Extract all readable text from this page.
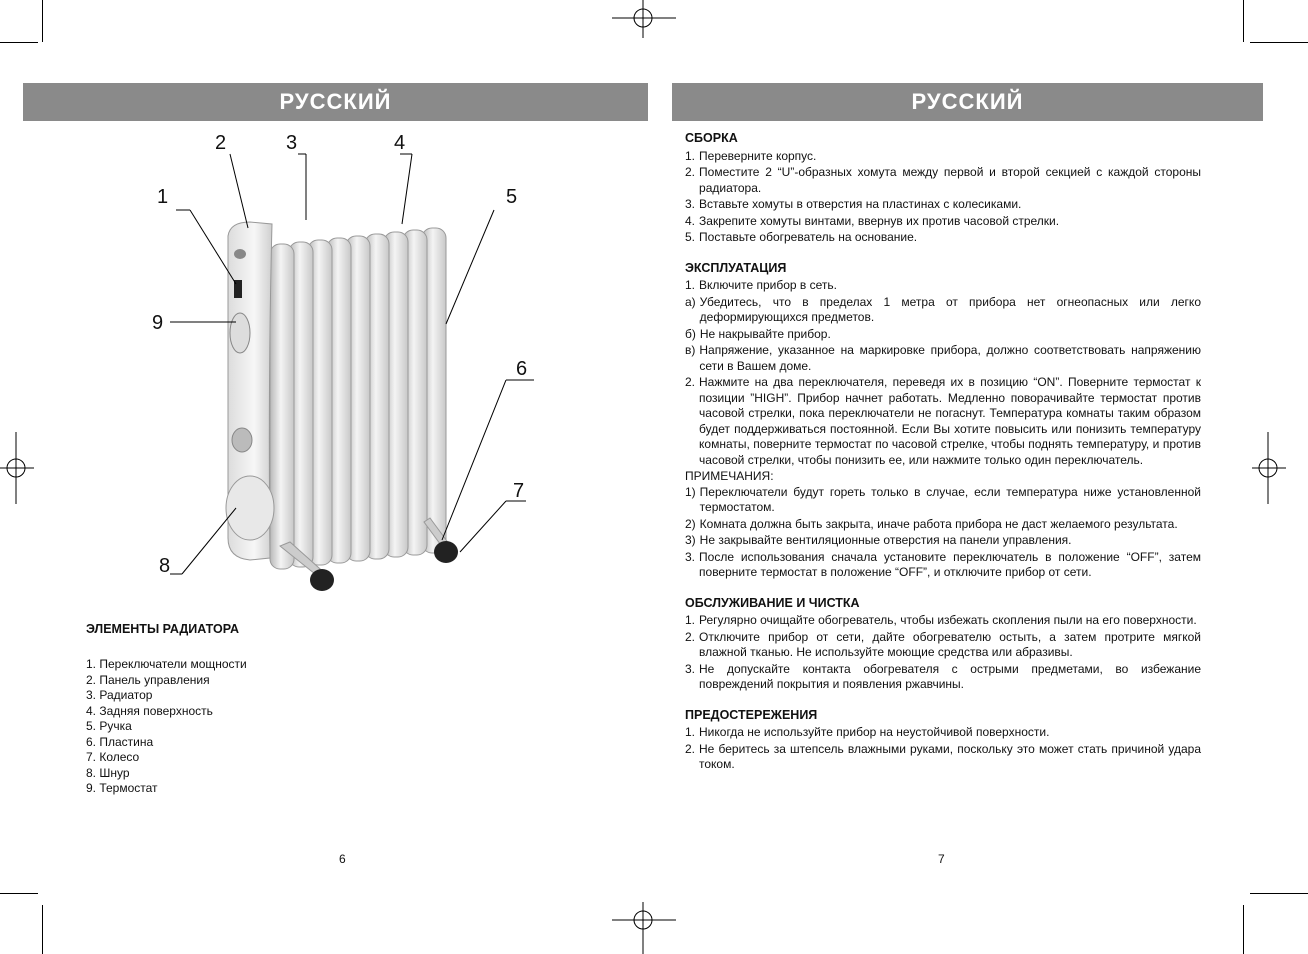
РУССКИЙ	РУССКИЙ
1
2	3	4
5
6
7
8
9
ЭЛЕМЕНТЫ РАДИАТОРА
1. Переключатели мощности
2. Панель управления
3. Радиатор
4. Задняя поверхность
5. Ручка
6. Пластина
7. Колесо
8. Шнур
9. Термостат
6
СБОРКА
1. Переверните корпус.
2. Поместите 2 “U”-образных хомута между первой и второй секцией с каждой стороны радиатора.
3. Вставьте хомуты в отверстия на пластинах с колесиками.
4. Закрепите хомуты винтами, ввернув их против часовой стрелки.
5. Поставьте обогреватель на основание.
ЭКСПЛУАТАЦИЯ
1. Включите прибор в сеть.
а) Убедитесь, что в пределах 1 метра от прибора нет огнеопасных или легко деформирующихся предметов.
б) Не накрывайте прибор.
в) Напряжение, указанное на маркировке прибора, должно соответствовать напряжению сети в Вашем доме.
2. Нажмите на два переключателя, переведя их в позицию “ON”. Поверните термостат к позиции ”HIGH”. Прибор начнет работать. Медленно поворачивайте термостат против часовой стрелки, пока переключатели не погаснут. Температура комнаты таким образом будет поддерживаться постоянной. Если Вы хотите повысить или понизить температуру комнаты, поверните термостат по часовой стрелке, чтобы поднять температуру, и против часовой стрелки, чтобы понизить ее, или нажмите только один переключатель.
ПРИМЕЧАНИЯ:
1) Переключатели будут гореть только в случае, если температура ниже установленной термостатом.
2) Комната должна быть закрыта, иначе работа прибора не даст желаемого результата.
3) Не закрывайте вентиляционные отверстия на панели управления.
3. После использования сначала установите переключатель в положение “OFF”, затем поверните термостат в положение “OFF”, и отключите прибор от сети.
ОБСЛУЖИВАНИЕ И ЧИСТКА
1. Регулярно очищайте обогреватель, чтобы избежать скопления пыли на его поверхности.
2. Отключите прибор от сети, дайте обогревателю остыть, а затем протрите мягкой влажной тканью. Не используйте моющие средства или абразивы.
3. Не допускайте контакта обогревателя с острыми предметами, во избежание повреждений покрытия и появления ржавчины.
ПРЕДОСТЕРЕЖЕНИЯ
1. Никогда не используйте прибор на неустойчивой поверхности.
2. Не беритесь за штепсель влажными руками, поскольку это может стать причиной удара током.
7
